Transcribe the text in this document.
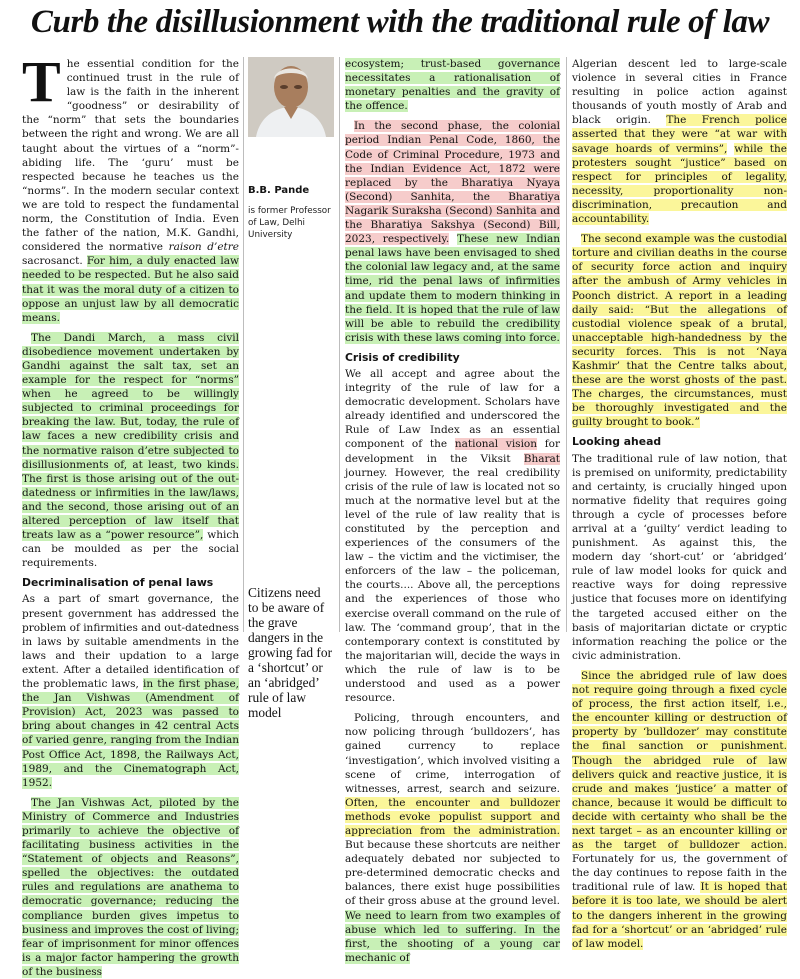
Curb the disillusionment with the traditional rule of law

The essential condition for the continued trust in the rule of law is the faith in the inherent “goodness” or desirability of the “norm” that sets the boundaries between the right and wrong. We are all taught about the virtues of a “norm”-abiding life. The ‘guru’ must be respected because he teaches us the “norms”. In the modern secular context we are told to respect the fundamental norm, the Constitution of India. Even the father of the nation, M.K. Gandhi, considered the normative raison d’etre sacrosanct. For him, a duly enacted law needed to be respected. But he also said that it was the moral duty of a citizen to oppose an unjust law by all democratic means.

The Dandi March, a mass civil disobedience movement undertaken by Gandhi against the salt tax, set an example for the respect for “norms” when he agreed to be willingly subjected to criminal proceedings for breaking the law. But, today, the rule of law faces a new credibility crisis and the normative raison d’etre subjected to disillusionments of, at least, two kinds. The first is those arising out of the out-datedness or infirmities in the law/laws, and the second, those arising out of an altered perception of law itself that treats law as a “power resource”, which can be moulded as per the social requirements.

Decriminalisation of penal laws

As a part of smart governance, the present government has addressed the problem of infirmities and out-datedness in laws by suitable amendments in the laws and their updation to a large extent. After a detailed identification of the problematic laws, in the first phase, the Jan Vishwas (Amendment of Provision) Act, 2023 was passed to bring about changes in 42 central Acts of varied genre, ranging from the Indian Post Office Act, 1898, the Railways Act, 1989, and the Cinematograph Act, 1952.

The Jan Vishwas Act, piloted by the Ministry of Commerce and Industries primarily to achieve the objective of facilitating business activities in the “Statement of objects and Reasons”, spelled the objectives: the outdated rules and regulations are anathema to democratic governance; reducing the compliance burden gives impetus to business and improves the cost of living; fear of imprisonment for minor offences is a major factor hampering the growth of the business

B.B. Pande
is former Professor of Law, Delhi University
Citizens need to be aware of the grave dangers in the growing fad for a ‘shortcut’ or an ‘abridged’ rule of law model

ecosystem; trust-based governance necessitates a rationalisation of monetary penalties and the gravity of the offence.

In the second phase, the colonial period Indian Penal Code, 1860, the Code of Criminal Procedure, 1973 and the Indian Evidence Act, 1872 were replaced by the Bharatiya Nyaya (Second) Sanhita, the Bharatiya Nagarik Suraksha (Second) Sanhita and the Bharatiya Sakshya (Second) Bill, 2023, respectively. These new Indian penal laws have been envisaged to shed the colonial law legacy and, at the same time, rid the penal laws of infirmities and update them to modern thinking in the field. It is hoped that the rule of law will be able to rebuild the credibility crisis with these laws coming into force.

Crisis of credibility

We all accept and agree about the integrity of the rule of law for a democratic development. Scholars have already identified and underscored the Rule of Law Index as an essential component of the national vision for development in the Viksit Bharat journey. However, the real credibility crisis of the rule of law is located not so much at the normative level but at the level of the rule of law reality that is constituted by the perception and experiences of the consumers of the law – the victim and the victimiser, the enforcers of the law – the policeman, the courts.... Above all, the perceptions and the experiences of those who exercise overall command on the rule of law. The ‘command group’, that in the contemporary context is constituted by the majoritarian will, decide the ways in which the rule of law is to be understood and used as a power resource.

Policing, through encounters, and now policing through ‘bulldozers’, has gained currency to replace ‘investigation’, which involved visiting a scene of crime, interrogation of witnesses, arrest, search and seizure. Often, the encounter and bulldozer methods evoke populist support and appreciation from the administration. But because these shortcuts are neither adequately debated nor subjected to pre-determined democratic checks and balances, there exist huge possibilities of their gross abuse at the ground level. We need to learn from two examples of abuse which led to suffering. In the first, the shooting of a young car mechanic of

Algerian descent led to large-scale violence in several cities in France resulting in police action against thousands of youth mostly of Arab and black origin. The French police asserted that they were “at war with savage hoards of vermins”, while the protesters sought “justice” based on respect for principles of legality, necessity, proportionality non-discrimination, precaution and accountability.

The second example was the custodial torture and civilian deaths in the course of security force action and inquiry after the ambush of Army vehicles in Poonch district. A report in a leading daily said: “But the allegations of custodial violence speak of a brutal, unacceptable high-handedness by the security forces. This is not ‘Naya Kashmir’ that the Centre talks about, these are the worst ghosts of the past. The charges, the circumstances, must be thoroughly investigated and the guilty brought to book.”

Looking ahead

The traditional rule of law notion, that is premised on uniformity, predictability and certainty, is crucially hinged upon normative fidelity that requires going through a cycle of processes before arrival at a ‘guilty’ verdict leading to punishment. As against this, the modern day ‘short-cut’ or ‘abridged’ rule of law model looks for quick and reactive ways for doing repressive justice that focuses more on identifying the targeted accused either on the basis of majoritarian dictate or cryptic information reaching the police or the civic administration.

Since the abridged rule of law does not require going through a fixed cycle of process, the first action itself, i.e., the encounter killing or destruction of property by ‘bulldozer’ may constitute the final sanction or punishment. Though the abridged rule of law delivers quick and reactive justice, it is crude and makes ‘justice’ a matter of chance, because it would be difficult to decide with certainty who shall be the next target – as an encounter killing or as the target of bulldozer action. Fortunately for us, the government of the day continues to repose faith in the traditional rule of law. It is hoped that before it is too late, we should be alert to the dangers inherent in the growing fad for a ‘shortcut’ or an ‘abridged’ rule of law model.
